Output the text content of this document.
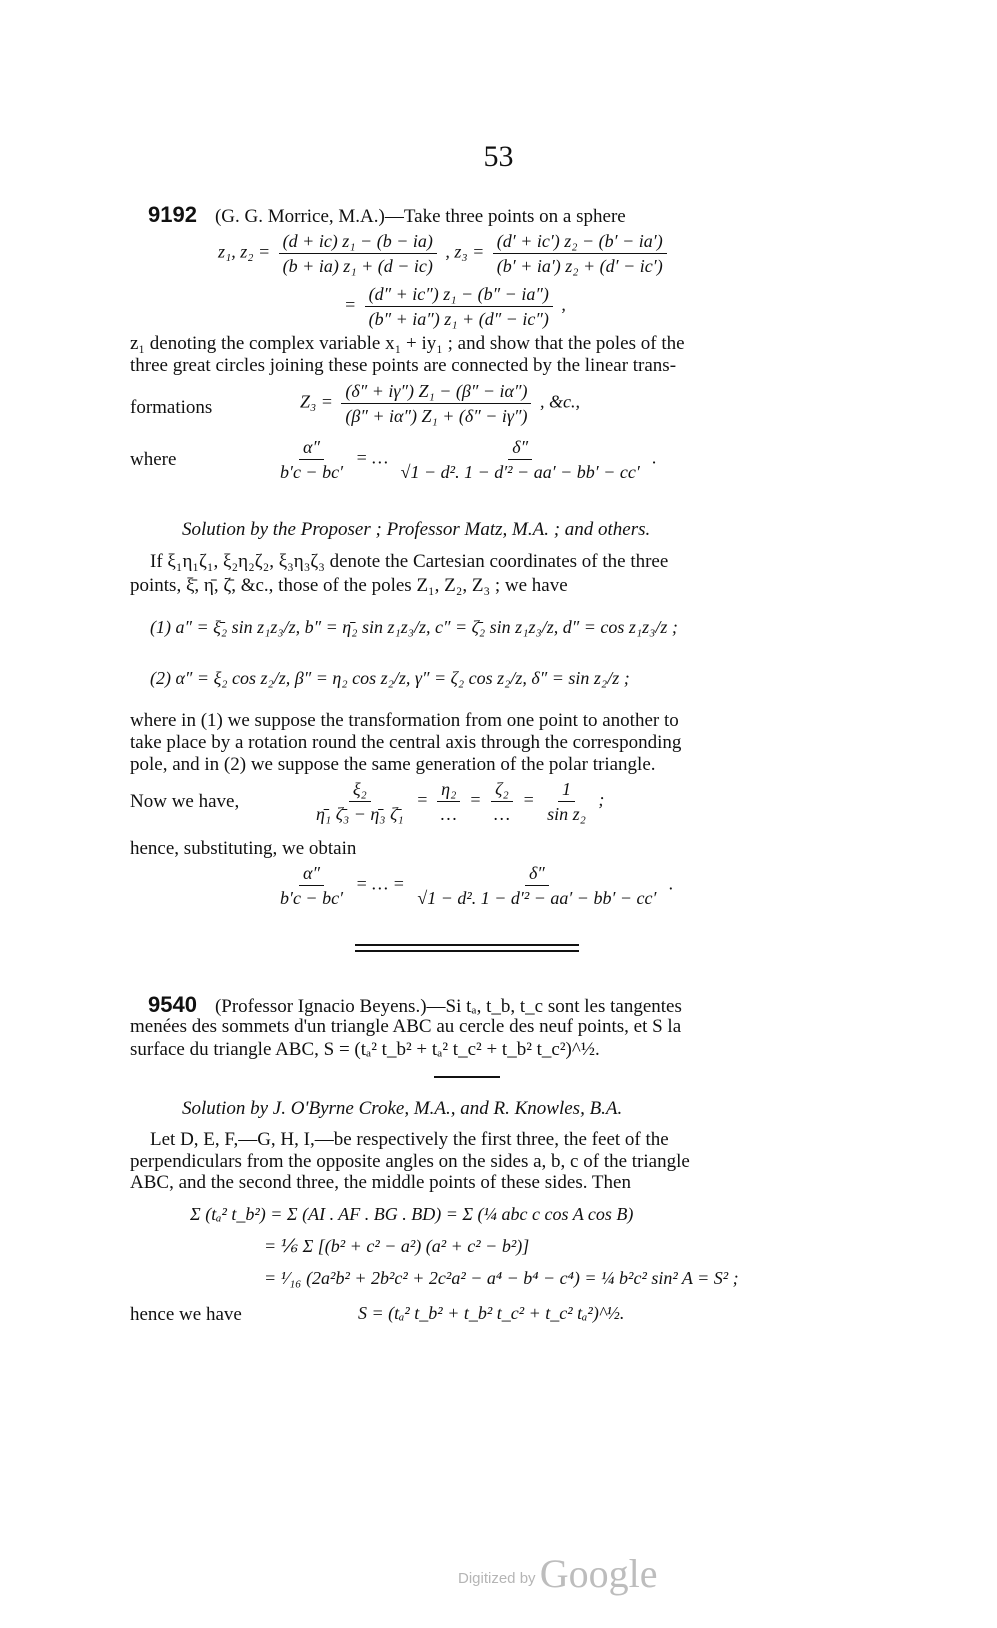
53
9192 (G. G. Morrice, M.A.)—Take three points on a sphere
z₁, $z_2 = \frac{\text{(d + ic) z₁ − (b − ia)}}{\text{(b + ia) z₁ + (d − ic)}}$ , $z_3 = \frac{\text{(d′ + ic′) z₂ − (b′ − ia′)}}{\text{(b′ + ia′) z₂ + (d′ − ic′)}}$
= $\frac{\text{(d″ + ic″) z₁ − (b″ − ia″)}}{\text{(b″ + ia″) z₁ + (d″ − ic″)}}$ ,
z₁ denoting the complex variable x₁ + iy₁ ; and show that the poles of the
three great circles joining these points are connected by the linear trans-
formations	$Z_3 = \frac{\text{(δ″ + iγ″) Z₁ − (β″ − iα″)}}{\text{(β″ + iα″) Z₁ + (δ″ − iγ″)}}$ , &c.,
where	$\frac{\alpha''}{b'c - bc'}$ = … $\frac{\delta''}{\text{√1 − d². 1 − d′² − aa′ − bb′ − cc′}}$ .
Solution by the Proposer ; Professor Matz, M.A. ; and others.
If ξ₁η₁ζ₁, ξ₂η₂ζ₂, ξ₃η₃ζ₃ denote the Cartesian coordinates of the three
points, ξ̄, η̄, ζ̄, &c., those of the poles Z₁, Z₂, Z₃ ; we have
(1) a″ = ξ̄₂ sin z₁z₃/z, b″ = η̄₂ sin z₁z₃/z, c″ = ζ̄₂ sin z₁z₃/z, d″ = cos z₁z₃/z ;
(2) α″ = ξ₂ cos z₂/z, β″ = η₂ cos z₂/z, γ″ = ζ₂ cos z₂/z, δ″ = sin z₂/z ;
where in (1) we suppose the transformation from one point to another to
take place by a rotation round the central axis through the corresponding
pole, and in (2) we suppose the same generation of the polar triangle.
Now we have,	$\frac{\text{ξ₂}}{\text{η̄₁ ζ̄₃ − η̄₃ ζ̄₁}} = \frac{\text{η₂}}{\dots} = \frac{\text{ζ₂}}{\dots} = \frac{1}{\text{sin z₂}}$ ;
hence, substituting, we obtain
$\frac{\alpha''}{b'c - bc'}$ = … = $\frac{\delta''}{\text{√1 − d². 1 − d′² − aa′ − bb′ − cc′}}$ .
9540 (Professor Ignacio Beyens.)—Si tₐ, t_b, t_c sont les tangentes
menées des sommets d'un triangle ABC au cercle des neuf points, et S la
surface du triangle ABC, S = (tₐ² t_b² + tₐ² t_c² + t_b² t_c²)^½.
Solution by J. O'Byrne Croke, M.A., and R. Knowles, B.A.
Let D, E, F,—G, H, I,—be respectively the first three, the feet of the
perpendiculars from the opposite angles on the sides a, b, c of the triangle
ABC, and the second three, the middle points of these sides. Then
Σ (tₐ² t_b²) = Σ (AI . AF . BG . BD) = Σ (¼ abc c cos A cos B)
= ⅙ Σ [(b² + c² − a²) (a² + c² − b²)]
= ¹⁄₁₆ (2a²b² + 2b²c² + 2c²a² − a⁴ − b⁴ − c⁴) = ¼ b²c² sin² A = S² ;
hence we have	S = (tₐ² t_b² + t_b² t_c² + t_c² tₐ²)^½.
Digitized by Google
